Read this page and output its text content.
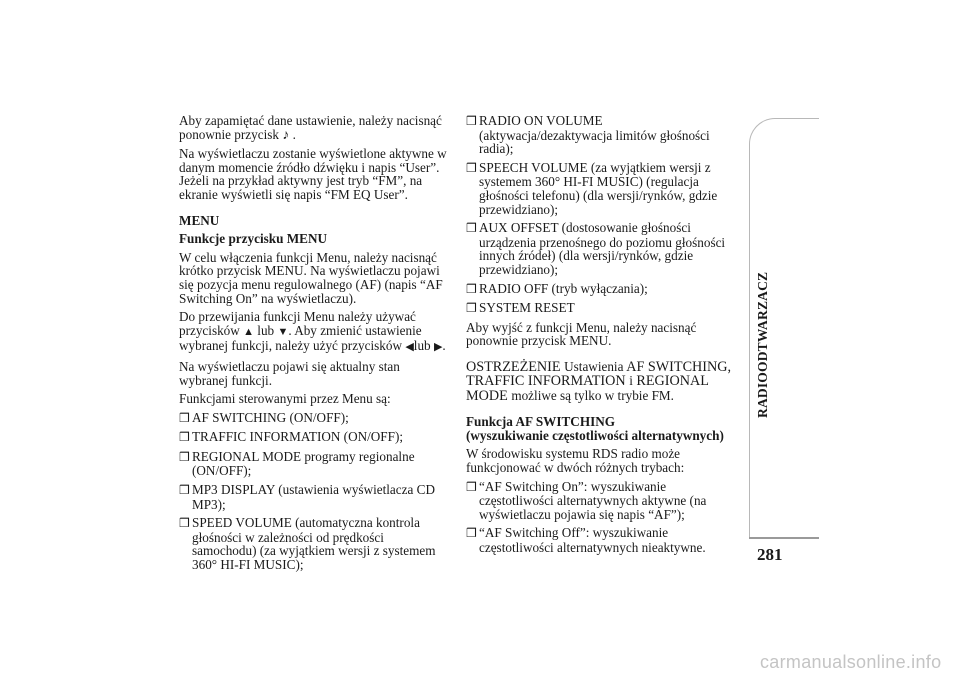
Aby zapamiętać dane ustawienie, należy nacisnąć ponownie przycisk ♪ .

Na wyświetlaczu zostanie wyświetlone aktywne w danym momencie źródło dźwięku i napis “User”. Jeżeli na przykład aktywny jest tryb “FM”, na ekranie wyświetli się napis “FM EQ User”.

MENU

Funkcje przycisku MENU

W celu włączenia funkcji Menu, należy nacisnąć krótko przycisk MENU. Na wyświetlaczu pojawi się pozycja menu regulowalnego (AF) (napis “AF Switching On” na wyświetlaczu).

Do przewijania funkcji Menu należy używać przycisków ▲ lub ▼. Aby zmienić ustawienie wybranej funkcji, należy użyć przycisków ◀lub ▶.

Na wyświetlaczu pojawi się aktualny stan wybranej funkcji.

Funkcjami sterowanymi przez Menu są:

❒ AF SWITCHING (ON/OFF);

❒ TRAFFIC INFORMATION (ON/OFF);

❒ REGIONAL MODE programy regionalne (ON/OFF);

❒ MP3 DISPLAY (ustawienia wyświetlacza CD MP3);

❒ SPEED VOLUME (automatyczna kontrola głośności w zależności od prędkości samochodu) (za wyjątkiem wersji z systemem 360° HI-FI MUSIC);

❒ RADIO ON VOLUME (aktywacja/dezaktywacja limitów głośności radia);

❒ SPEECH VOLUME (za wyjątkiem wersji z systemem 360° HI-FI MUSIC) (regulacja głośności telefonu) (dla wersji/rynków, gdzie przewidziano);

❒ AUX OFFSET (dostosowanie głośności urządzenia przenośnego do poziomu głośności innych źródeł) (dla wersji/rynków, gdzie przewidziano);

❒ RADIO OFF (tryb wyłączania);

❒ SYSTEM RESET

Aby wyjść z funkcji Menu, należy nacisnąć ponownie przycisk MENU.

OSTRZEŻENIE Ustawienia AF SWITCHING, TRAFFIC INFORMATION i REGIONAL MODE możliwe są tylko w trybie FM.

Funkcja AF SWITCHING

(wyszukiwanie częstotliwości alternatywnych)

W środowisku systemu RDS radio może funkcjonować w dwóch różnych trybach:

❒ “AF Switching On”: wyszukiwanie częstotliwości alternatywnych aktywne (na wyświetlaczu pojawia się napis “AF”);

❒ “AF Switching Off”: wyszukiwanie częstotliwości alternatywnych nieaktywne.

RADIOODTWARZACZ
281
carmanualsonline.info
